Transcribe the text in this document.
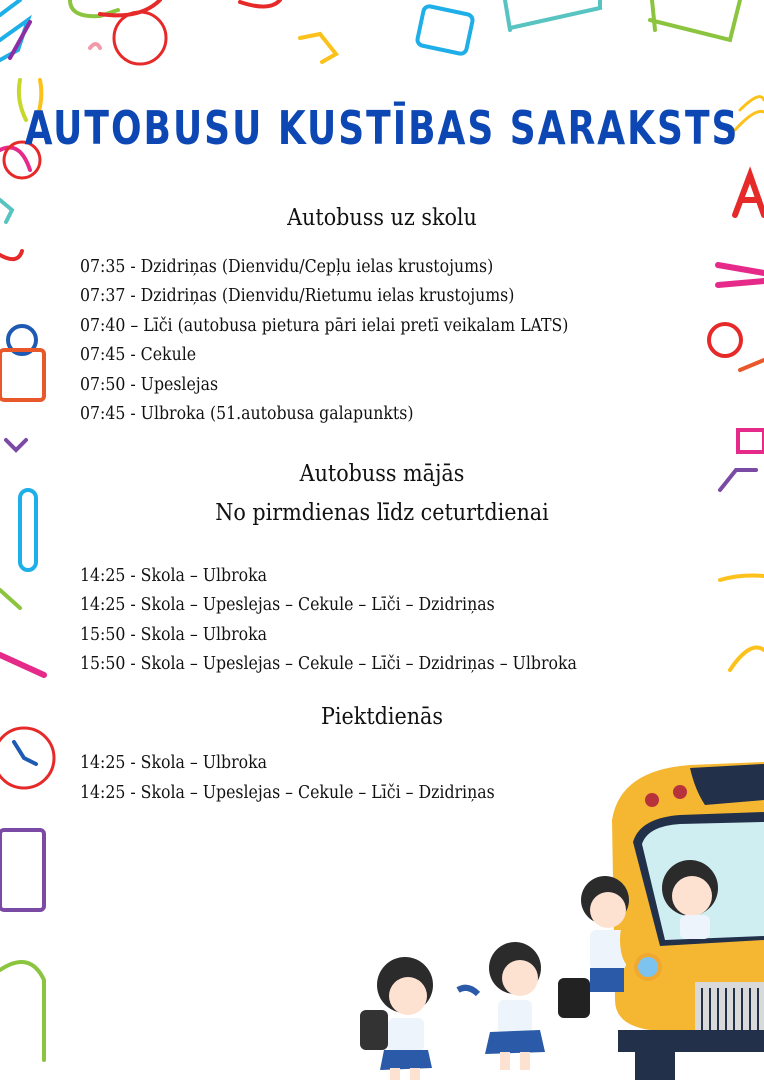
AUTOBUSU KUSTĪBAS SARAKSTS
Autobuss uz skolu
07:35 - Dzidriņas (Dienvidu/Cepļu ielas krustojums)
07:37 - Dzidriņas (Dienvidu/Rietumu ielas krustojums)
07:40 – Līči (autobusa pietura pāri ielai pretī veikalam LATS)
07:45 - Cekule
07:50 - Upeslejas
07:45 - Ulbroka (51.autobusa galapunkts)
Autobuss mājās
No pirmdienas līdz ceturtdienai
14:25 - Skola – Ulbroka
14:25 - Skola – Upeslejas – Cekule – Līči – Dzidriņas
15:50 - Skola – Ulbroka
15:50 - Skola – Upeslejas – Cekule – Līči – Dzidriņas – Ulbroka
Piektdienās
14:25 - Skola – Ulbroka
14:25 - Skola – Upeslejas – Cekule – Līči – Dzidriņas
